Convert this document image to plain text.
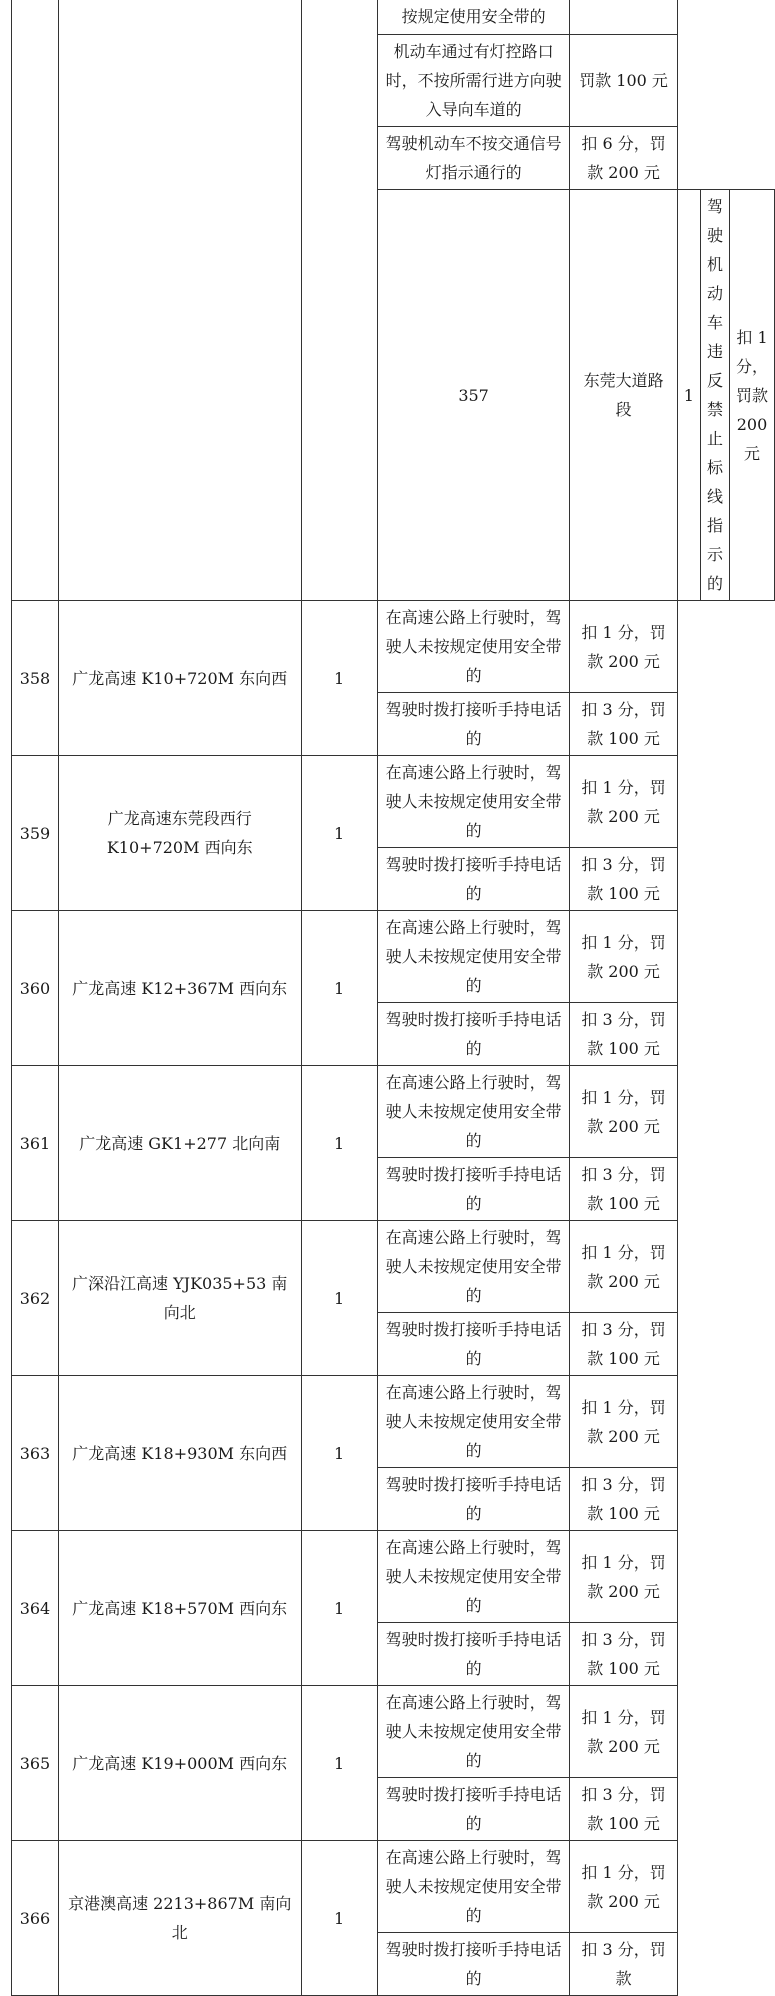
			按规定使用安全带的				
			机动车通过有灯控路口时，不按所需行进方向驶入导向车道的	罚款 100 元			
			驾驶机动车不按交通信号灯指示通行的	扣 6 分，罚款 200 元			
			357	东莞大道路段	1	驾驶机动车违反禁止标线指示的	扣 1 分，罚款 200 元
358	广龙高速 K10+720M 东向西	1	在高速公路上行驶时，驾驶人未按规定使用安全带的	扣 1 分，罚款 200 元			
			驾驶时拨打接听手持电话的	扣 3 分，罚款 100 元			
359	广龙高速东莞段西行 K10+720M 西向东	1	在高速公路上行驶时，驾驶人未按规定使用安全带的	扣 1 分，罚款 200 元			
			驾驶时拨打接听手持电话的	扣 3 分，罚款 100 元			
360	广龙高速 K12+367M 西向东	1	在高速公路上行驶时，驾驶人未按规定使用安全带的	扣 1 分，罚款 200 元			
			驾驶时拨打接听手持电话的	扣 3 分，罚款 100 元			
361	广龙高速 GK1+277 北向南	1	在高速公路上行驶时，驾驶人未按规定使用安全带的	扣 1 分，罚款 200 元			
			驾驶时拨打接听手持电话的	扣 3 分，罚款 100 元			
362	广深沿江高速 YJK035+53 南向北	1	在高速公路上行驶时，驾驶人未按规定使用安全带的	扣 1 分，罚款 200 元			
			驾驶时拨打接听手持电话的	扣 3 分，罚款 100 元			
363	广龙高速 K18+930M 东向西	1	在高速公路上行驶时，驾驶人未按规定使用安全带的	扣 1 分，罚款 200 元			
			驾驶时拨打接听手持电话的	扣 3 分，罚款 100 元			
364	广龙高速 K18+570M 西向东	1	在高速公路上行驶时，驾驶人未按规定使用安全带的	扣 1 分，罚款 200 元			
			驾驶时拨打接听手持电话的	扣 3 分，罚款 100 元			
365	广龙高速 K19+000M 西向东	1	在高速公路上行驶时，驾驶人未按规定使用安全带的	扣 1 分，罚款 200 元			
			驾驶时拨打接听手持电话的	扣 3 分，罚款 100 元			
366	京港澳高速 2213+867M 南向北	1	在高速公路上行驶时，驾驶人未按规定使用安全带的	扣 1 分，罚款 200 元			
			驾驶时拨打接听手持电话的	扣 3 分，罚款			
